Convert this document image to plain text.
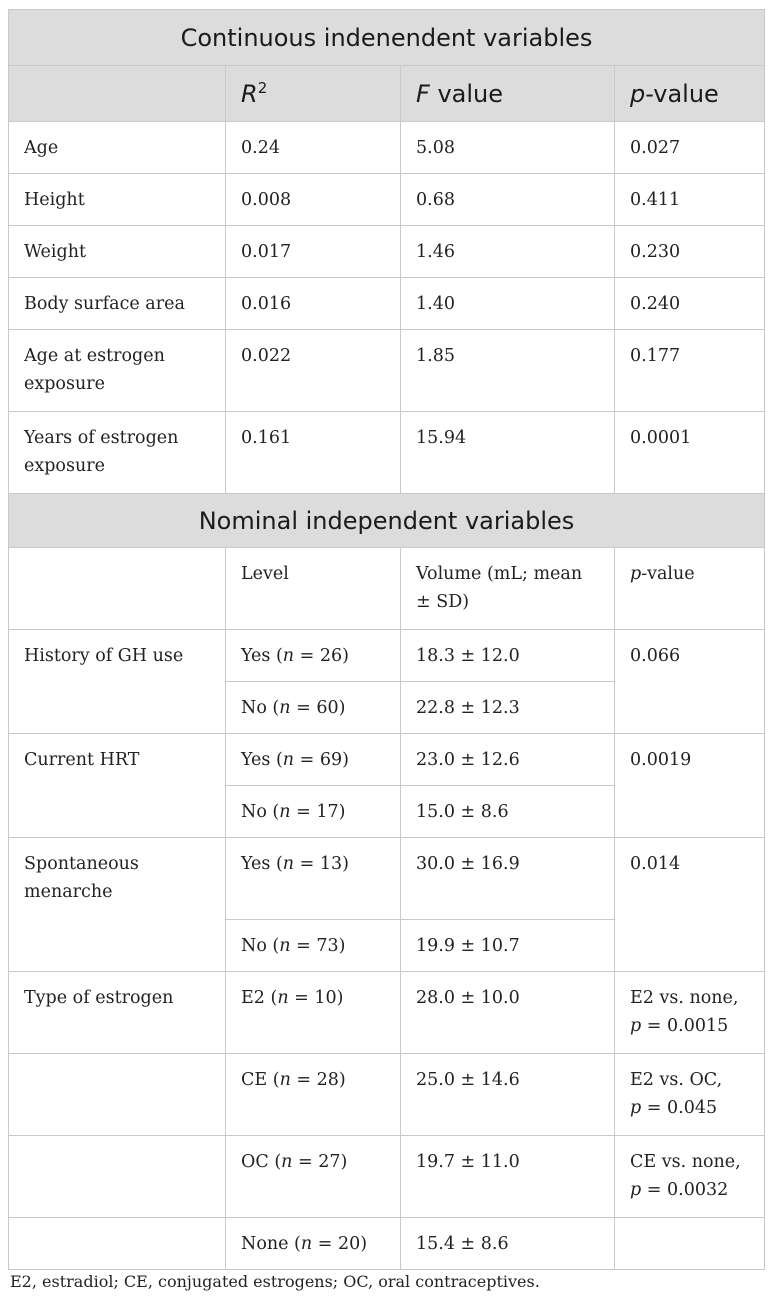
Continuous indenendent variables			
	$R^2$	F value	p-value
Age	0.24	5.08	0.027
Height	0.008	0.68	0.411
Weight	0.017	1.46	0.230
Body surface area	0.016	1.40	0.240
Age at estrogen exposure	0.022	1.85	0.177
Years of estrogen exposure	0.161	15.94	0.0001
Nominal independent variables			
	Level	Volume (mL; mean ± SD)	p-value
History of GH use	Yes (n = 26)	18.3 ± 12.0	0.066
	No (n = 60)	22.8 ± 12.3	
Current HRT	Yes (n = 69)	23.0 ± 12.6	0.0019
	No (n = 17)	15.0 ± 8.6	
Spontaneous menarche	Yes (n = 13)	30.0 ± 16.9	0.014
	No (n = 73)	19.9 ± 10.7	
Type of estrogen	E2 (n = 10)	28.0 ± 10.0	E2 vs. none,
p = 0.0015
	CE (n = 28)	25.0 ± 14.6	E2 vs. OC,
p = 0.045
	OC (n = 27)	19.7 ± 11.0	CE vs. none,
p = 0.0032
	None (n = 20)	15.4 ± 8.6	
E2, estradiol; CE, conjugated estrogens; OC, oral contraceptives.
